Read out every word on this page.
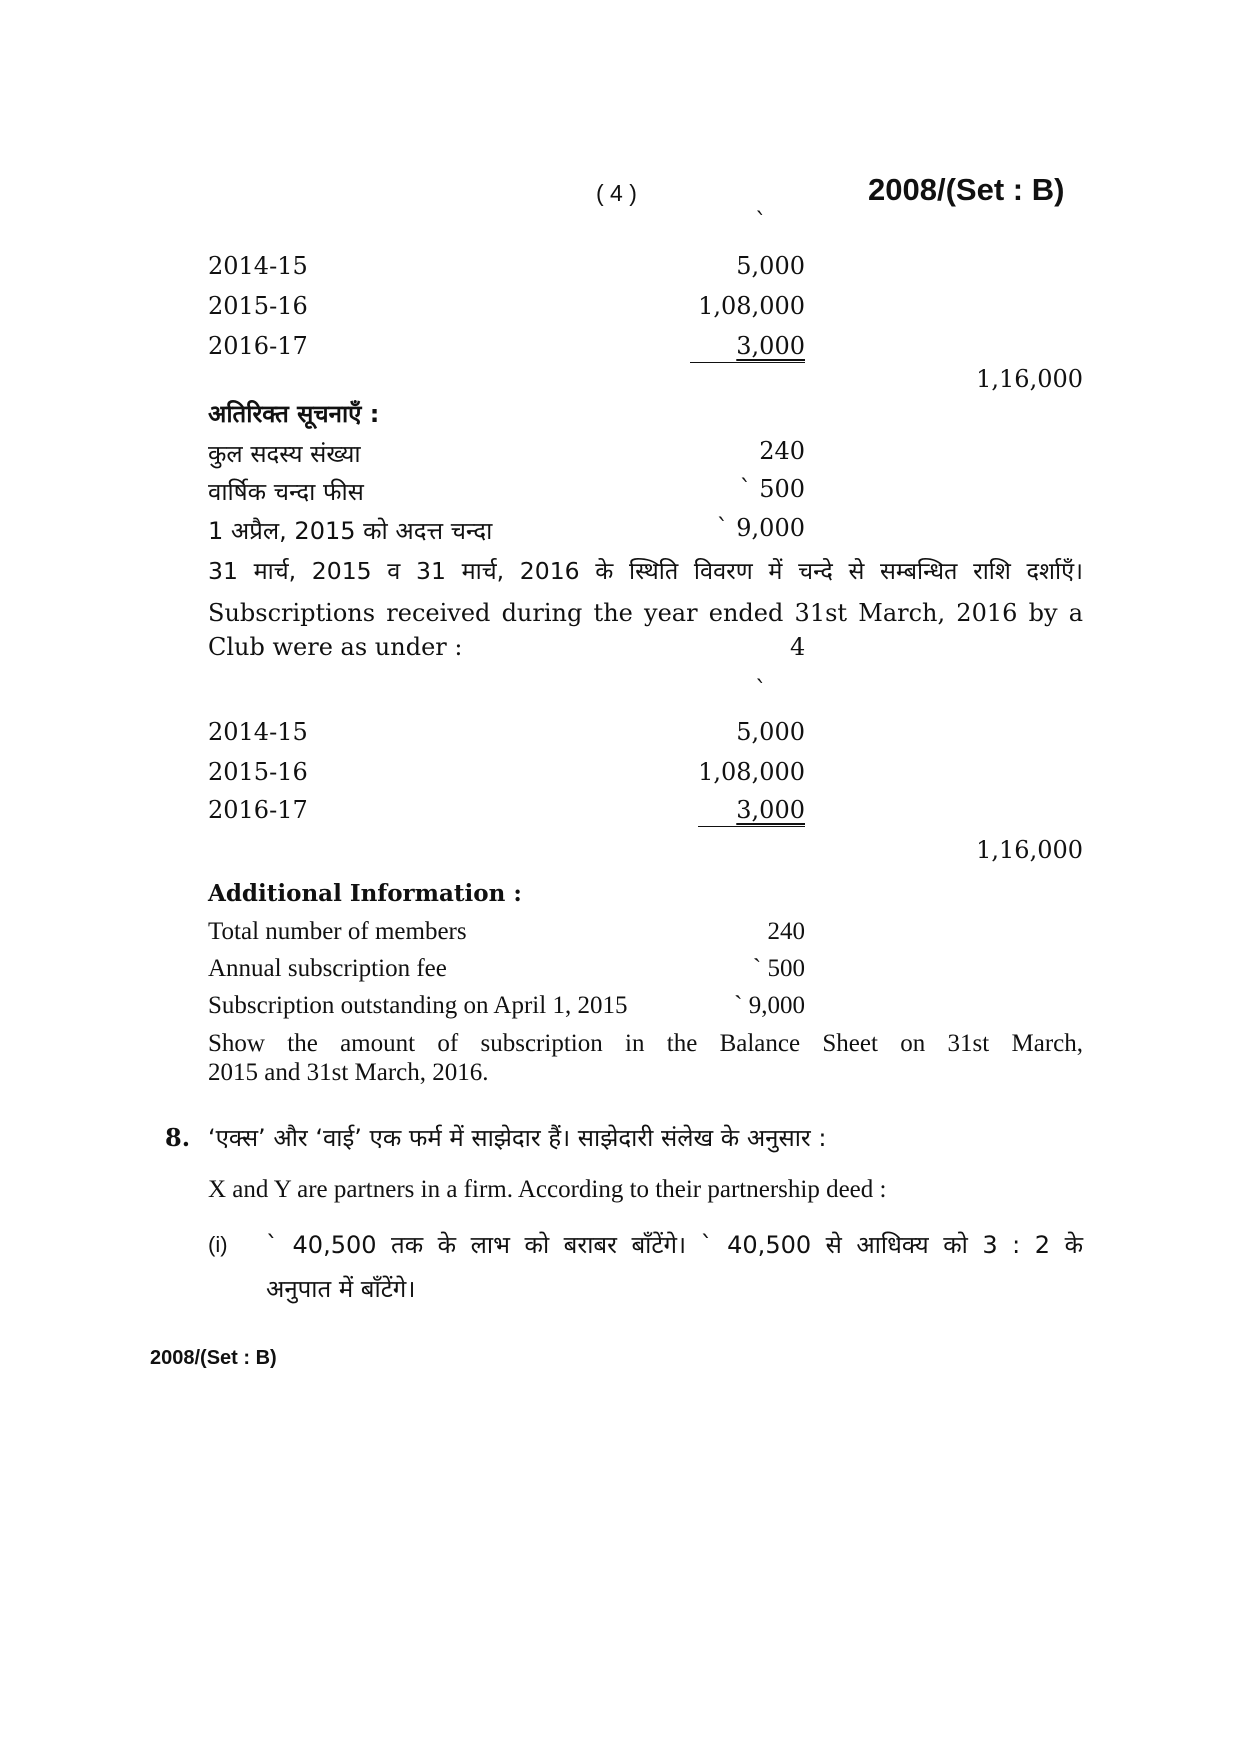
( 4 )	2008/(Set : B)
`
2014-15	5,000
2015-16	1,08,000
2016-17	3,000
1,16,000
अतिरिक्त सूचनाएँ :
कुल सदस्य संख्या	240
वार्षिक चन्दा फीस	` 500
1 अप्रैल, 2015 को अदत्त चन्दा	` 9,000
31 मार्च, 2015 व 31 मार्च, 2016 के स्थिति विवरण में चन्दे से सम्बन्धित राशि दर्शाएँ।
Subscriptions received during the year ended 31st March, 2016 by a
Club were as under :	4
`
2014-15	5,000
2015-16	1,08,000
2016-17	3,000
1,16,000
Additional Information :
Total number of members	240
Annual subscription fee	` 500
Subscription outstanding on April 1, 2015	` 9,000
Show the amount of subscription in the Balance Sheet on 31st March,
2015 and 31st March, 2016.
8. ‘एक्स’ और ‘वाई’ एक फर्म में साझेदार हैं। साझेदारी संलेख के अनुसार :
X and Y are partners in a firm. According to their partnership deed :
(i) ` 40,500 तक के लाभ को बराबर बाँटेंगे। ` 40,500 से आधिक्य को 3 : 2 के
अनुपात में बाँटेंगे।
2008/(Set : B)
